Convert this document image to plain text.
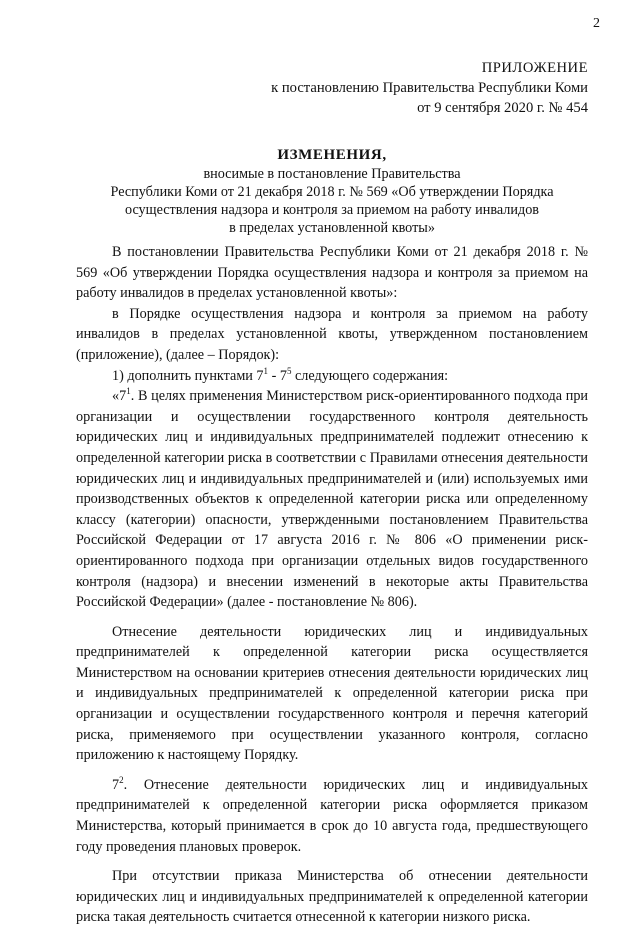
2
ПРИЛОЖЕНИЕ
к постановлению Правительства Республики Коми
от 9 сентября 2020 г. № 454
ИЗМЕНЕНИЯ,
вносимые в постановление Правительства
Республики Коми от 21 декабря 2018 г. № 569 «Об утверждении Порядка
осуществления надзора и контроля за приемом на работу инвалидов
в пределах установленной квоты»

В постановлении Правительства Республики Коми от 21 декабря 2018 г. № 569 «Об утверждении Порядка осуществления надзора и контроля за приемом на работу инвалидов в пределах установленной квоты»:

в Порядке осуществления надзора и контроля за приемом на работу инвалидов в пределах установленной квоты, утвержденном постановлением (приложение), (далее – Порядок):

1) дополнить пунктами $7^1 - 7^5$ следующего содержания:

«$7^1$. В целях применения Министерством риск-ориентированного подхода при организации и осуществлении государственного контроля деятельность юридических лиц и индивидуальных предпринимателей подлежит отнесению к определенной категории риска в соответствии с Правилами отнесения деятельности юридических лиц и индивидуальных предпринимателей и (или) используемых ими производственных объектов к определенной категории риска или определенному классу (категории) опасности, утвержденными постановлением Правительства Российской Федерации от 17 августа 2016 г. № 806 «О применении риск-ориентированного подхода при организации отдельных видов государственного контроля (надзора) и внесении изменений в некоторые акты Правительства Российской Федерации» (далее - постановление № 806).

Отнесение деятельности юридических лиц и индивидуальных предпринимателей к определенной категории риска осуществляется Министерством на основании критериев отнесения деятельности юридических лиц и индивидуальных предпринимателей к определенной категории риска при организации и осуществлении государственного контроля и перечня категорий риска, применяемого при осуществлении указанного контроля, согласно приложению к настоящему Порядку.

$7^2$. Отнесение деятельности юридических лиц и индивидуальных предпринимателей к определенной категории риска оформляется приказом Министерства, который принимается в срок до 10 августа года, предшествующего году проведения плановых проверок.

При отсутствии приказа Министерства об отнесении деятельности юридических лиц и индивидуальных предпринимателей к определенной категории риска такая деятельность считается отнесенной к категории низкого риска.
